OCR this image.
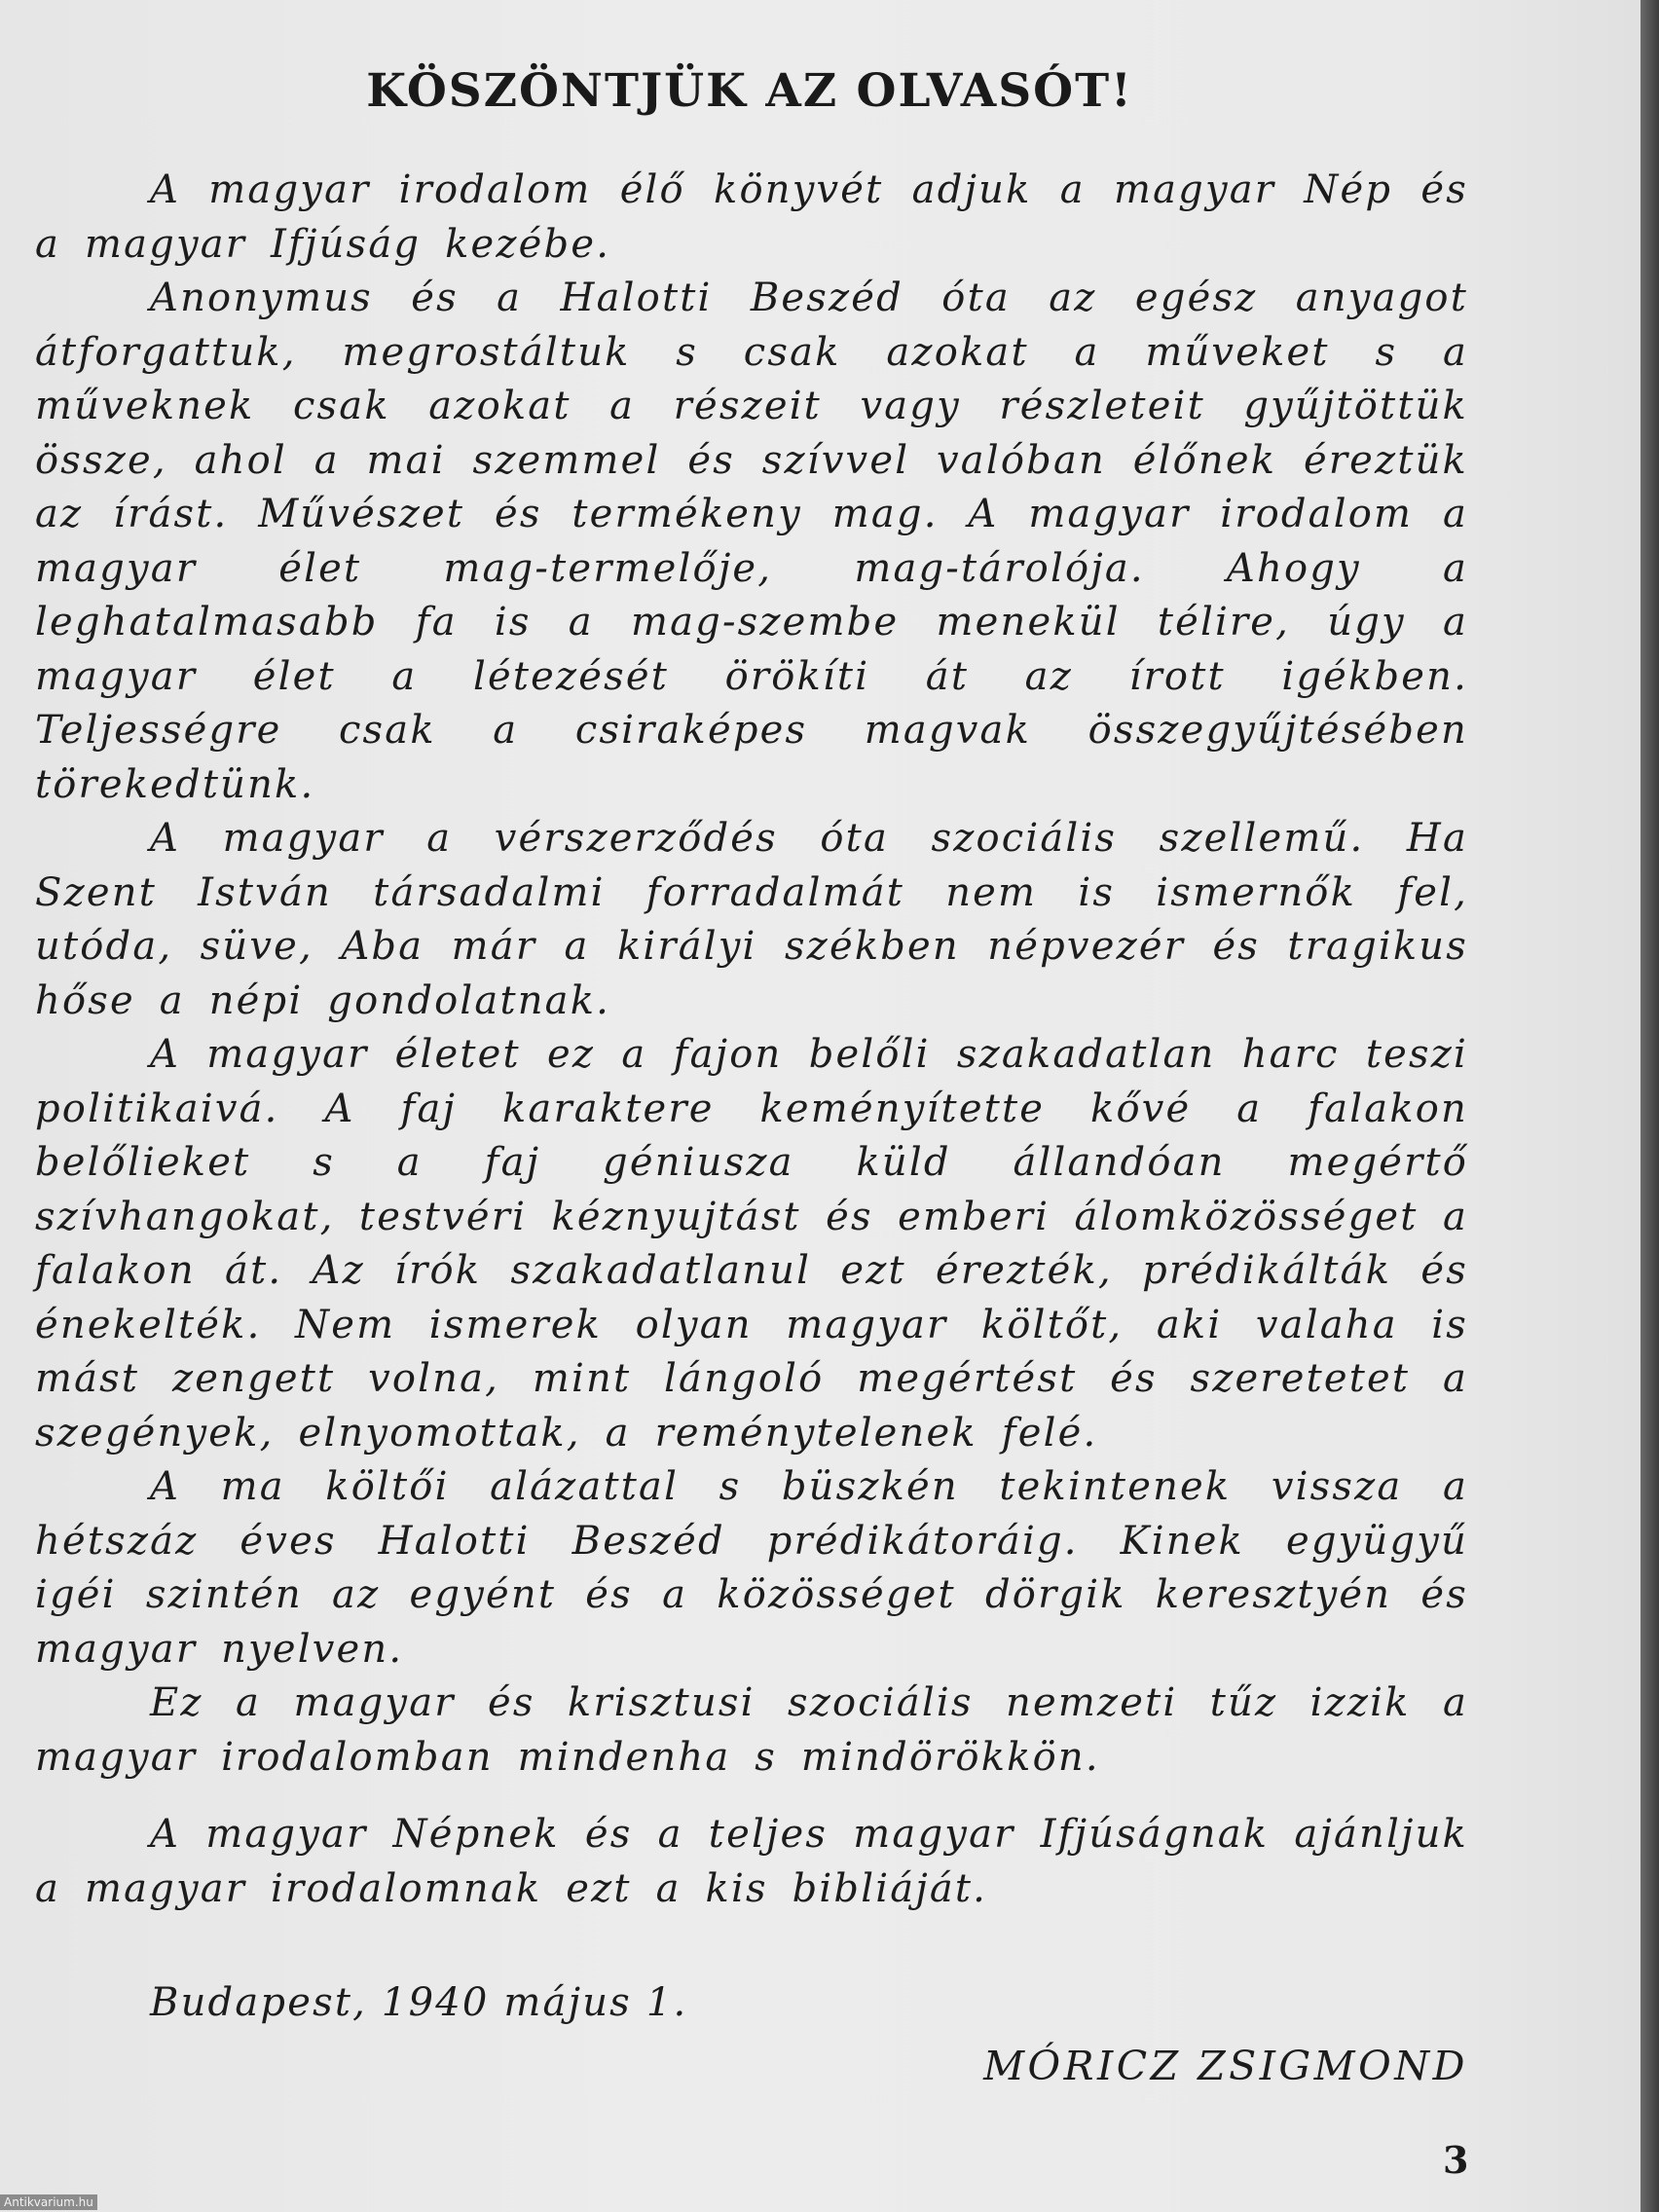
KÖSZÖNTJÜK AZ OLVASÓT!

A magyar irodalom élő könyvét adjuk a magyar Nép és a magyar Ifjúság kezébe.

Anonymus és a Halotti Beszéd óta az egész anyagot átforgattuk, megrostáltuk s csak azokat a műveket s a műveknek csak azokat a részeit vagy részleteit gyűjtöttük össze, ahol a mai szemmel és szívvel valóban élőnek éreztük az írást. Művészet és termékeny mag. A magyar irodalom a magyar élet mag-termelője, mag-tárolója. Ahogy a leghatalmasabb fa is a mag-szembe menekül télire, úgy a magyar élet a létezését örökíti át az írott igékben. Teljességre csak a csiraképes magvak összegyűjtésében törekedtünk.

A magyar a vérszerződés óta szociális szellemű. Ha Szent István társadalmi forradalmát nem is ismernők fel, utóda, süve, Aba már a királyi székben népvezér és tragikus hőse a népi gondolatnak.

A magyar életet ez a fajon belőli szakadatlan harc teszi politikaivá. A faj karaktere keményítette kővé a falakon belőlieket s a faj géniusza küld állandóan megértő szívhangokat, testvéri kéznyujtást és emberi álomközösséget a falakon át. Az írók szakadatlanul ezt érezték, prédikálták és énekelték. Nem ismerek olyan magyar költőt, aki valaha is mást zengett volna, mint lángoló megértést és szeretetet a szegények, elnyomottak, a reménytelenek felé.

A ma költői alázattal s büszkén tekintenek vissza a hétszáz éves Halotti Beszéd prédikátoráig. Kinek együgyű igéi szintén az egyént és a közösséget dörgik keresztyén és magyar nyelven.

Ez a magyar és krisztusi szociális nemzeti tűz izzik a magyar irodalomban mindenha s mindörökkön.

A magyar Népnek és a teljes magyar Ifjúságnak ajánljuk a magyar irodalomnak ezt a kis bibliáját.

Budapest, 1940 május 1.
MÓRICZ ZSIGMOND
3
Antikvarium.hu
